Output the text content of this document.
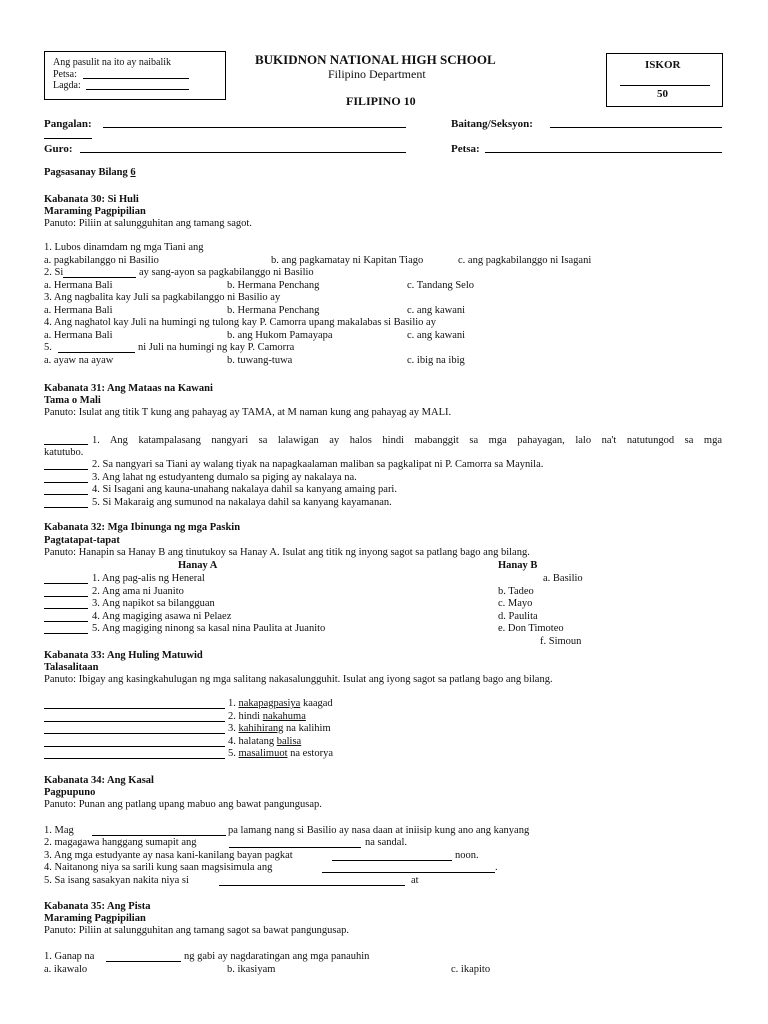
Ang pasulit na ito ay naibalik
Petsa:
Lagda:
BUKIDNON NATIONAL HIGH SCHOOL
Filipino Department
FILIPINO 10
ISKOR
50
Pangalan:	Baitang/Seksyon:
Guro:	Petsa:
Pagsasanay Bilang 6
Kabanata 30: Si Huli
Maraming Pagpipilian
Panuto: Piliin at salungguhitan ang tamang sagot.
1. Lubos dinamdam ng mga Tiani ang
a. pagkabilanggo ni Basilio	b. ang pagkamatay ni Kapitan Tiago	c. ang pagkabilanggo ni Isagani
2. Si	ay sang-ayon sa pagkabilanggo ni Basilio
a. Hermana Bali	b. Hermana Penchang	c. Tandang Selo
3. Ang nagbalita kay Juli sa pagkabilanggo ni Basilio ay
a. Hermana Bali	b. Hermana Penchang	c. ang kawani
4. Ang naghatol kay Juli na humingi ng tulong kay P. Camorra upang makalabas si Basilio ay
a. Hermana Bali	b. ang Hukom Pamayapa	c. ang kawani
5.	ni Juli na humingi ng kay P. Camorra
a. ayaw na ayaw	b. tuwang-tuwa	c. ibig na ibig
Kabanata 31: Ang Mataas na Kawani
Tama o Mali
Panuto: Isulat ang titik T kung ang pahayag ay TAMA, at M naman kung ang pahayag ay MALI.
1. Ang katampalasang nangyari sa lalawigan ay halos hindi mabanggit sa mga pahayagan, lalo na't natutungod sa mga
katutubo.
2. Sa nangyari sa Tiani ay walang tiyak na napagkaalaman maliban sa pagkalipat ni P. Camorra sa Maynila.
3. Ang lahat ng estudyanteng dumalo sa piging ay nakalaya na.
4. Si Isagani ang kauna-unahang nakalaya dahil sa kanyang amaing pari.
5. Si Makaraig ang sumunod na nakalaya dahil sa kanyang kayamanan.
Kabanata 32: Mga Ibinunga ng mga Paskin
Pagtatapat-tapat
Panuto: Hanapin sa Hanay B ang tinutukoy sa Hanay A. Isulat ang titik ng inyong sagot sa patlang bago ang bilang.
Hanay A	Hanay B
1. Ang pag-alis ng Heneral	a. Basilio
2. Ang ama ni Juanito	b. Tadeo
3. Ang napikot sa bilangguan	c. Mayo
4. Ang magiging asawa ni Pelaez	d. Paulita
5. Ang magiging ninong sa kasal nina Paulita at Juanito	e. Don Timoteo
f. Simoun
Kabanata 33: Ang Huling Matuwid
Talasalitaan
Panuto: Ibigay ang kasingkahulugan ng mga salitang nakasalungguhit. Isulat ang iyong sagot sa patlang bago ang bilang.
1. nakapagpasiya kaagad
2. hindi nakahuma
3. kahihirang na kalihim
4. halatang balisa
5. masalimuot na estorya
Kabanata 34: Ang Kasal
Pagpupuno
Panuto: Punan ang patlang upang mabuo ang bawat pangungusap.
1. Mag	pa lamang nang si Basilio ay nasa daan at iniisip kung ano ang kanyang
2. magagawa hanggang sumapit ang	na sandal.
3. Ang mga estudyante ay nasa kani-kanilang bayan pagkat	noon.
4. Naitanong niya sa sarili kung saan magsisimula ang	.
5. Sa isang sasakyan nakita niya si	at
Kabanata 35: Ang Pista
Maraming Pagpipilian
Panuto: Piliin at salungguhitan ang tamang sagot sa bawat pangungusap.
1. Ganap na	ng gabi ay nagdaratingan ang mga panauhin
a. ikawalo	b. ikasiyam	c. ikapito
